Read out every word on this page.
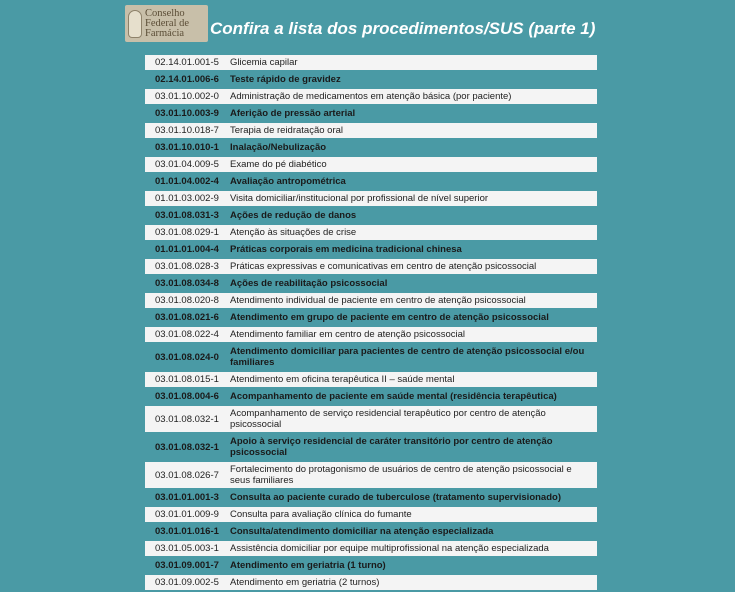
Conselho
Federal de
Farmácia Confira a lista dos procedimentos/SUS (parte 1)
02.14.01.001-5	Glicemia capilar
02.14.01.006-6	Teste rápido de gravidez
03.01.10.002-0	Administração de medicamentos em atenção básica (por paciente)
03.01.10.003-9	Aferição de pressão arterial
03.01.10.018-7	Terapia de reidratação oral
03.01.10.010-1	Inalação/Nebulização
03.01.04.009-5	Exame do pé diabético
01.01.04.002-4	Avaliação antropométrica
01.01.03.002-9	Visita domiciliar/institucional por profissional de nível superior
03.01.08.031-3	Ações de redução de danos
03.01.08.029-1	Atenção às situações de crise
01.01.01.004-4	Práticas corporais em medicina tradicional chinesa
03.01.08.028-3	Práticas expressivas e comunicativas em centro de atenção psicossocial
03.01.08.034-8	Ações de reabilitação psicossocial
03.01.08.020-8	Atendimento individual de paciente em centro de atenção psicossocial
03.01.08.021-6	Atendimento em grupo de paciente em centro de atenção psicossocial
03.01.08.022-4	Atendimento familiar em centro de atenção psicossocial
03.01.08.024-0	Atendimento domiciliar para pacientes de centro de atenção psicossocial e/ou familiares
03.01.08.015-1	Atendimento em oficina terapêutica II – saúde mental
03.01.08.004-6	Acompanhamento de paciente em saúde mental (residência terapêutica)
03.01.08.032-1	Acompanhamento de serviço residencial terapêutico por centro de atenção psicossocial
03.01.08.032-1	Apoio à serviço residencial de caráter transitório por centro de atenção psicossocial
03.01.08.026-7	Fortalecimento do protagonismo de usuários de centro de atenção psicossocial e seus familiares
03.01.01.001-3	Consulta ao paciente curado de tuberculose (tratamento supervisionado)
03.01.01.009-9	Consulta para avaliação clínica do fumante
03.01.01.016-1	Consulta/atendimento domiciliar na atenção especializada
03.01.05.003-1	Assistência domiciliar por equipe multiprofissional na atenção especializada
03.01.09.001-7	Atendimento em geriatria (1 turno)
03.01.09.002-5	Atendimento em geriatria (2 turnos)
